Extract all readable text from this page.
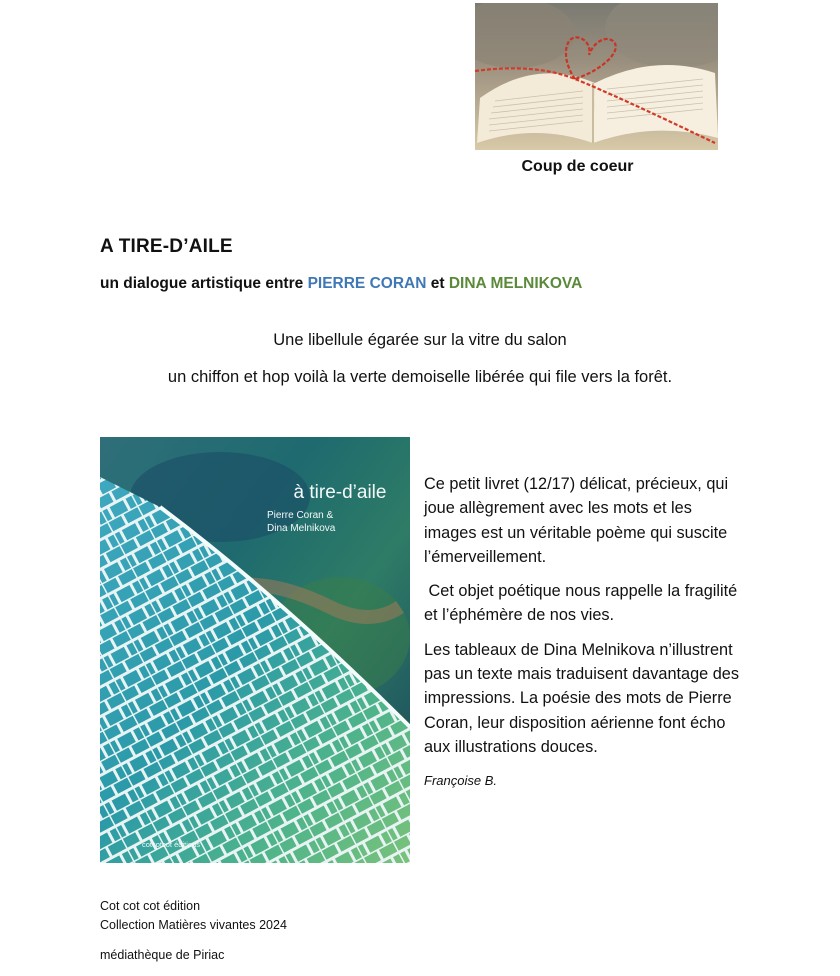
Coup de coeur
A TIRE-D’AILE
un dialogue artistique entre PIERRE CORAN et DINA MELNIKOVA
Une libellule égarée sur la vitre du salon
un chiffon et hop voilà la verte demoiselle libérée qui file vers la forêt.
à tire-d’aile
Pierre Coran &
Dina Melnikova
cotcotcot éditions

Ce petit livret (12/17) délicat, précieux, qui joue allègrement avec les mots et les images est un véritable poème qui suscite l’émerveillement.

Cet objet poétique nous rappelle la fragilité et l’éphémère de nos vies.

Les tableaux de Dina Melnikova n’illustrent pas un texte mais traduisent davantage des impressions. La poésie des mots de Pierre Coran, leur disposition aérienne font écho aux illustrations douces.

Françoise B.

Cot cot cot édition
Collection Matières vivantes 2024
médiathèque de Piriac
